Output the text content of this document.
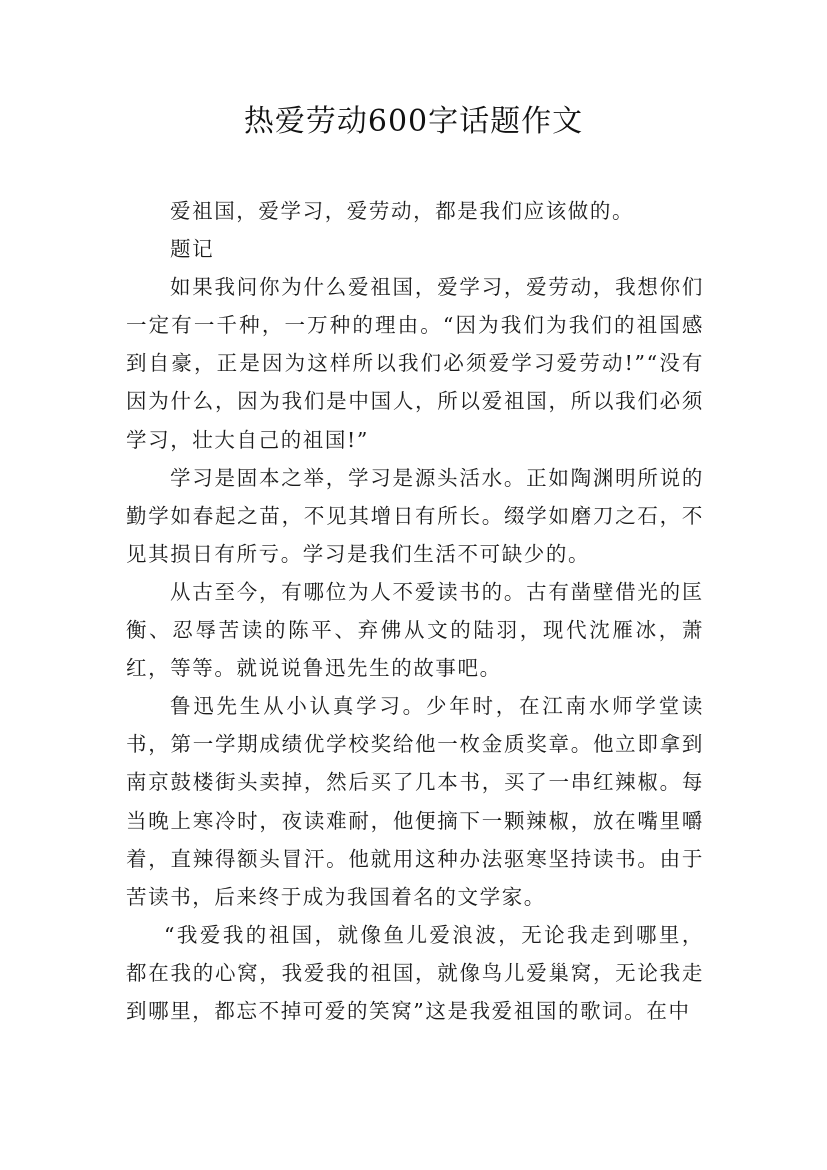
热爱劳动600字话题作文

爱祖国，爱学习，爱劳动，都是我们应该做的。

题记

如果我问你为什么爱祖国，爱学习，爱劳动，我想你们一定有一千种，一万种的理由。“因为我们为我们的祖国感到自豪，正是因为这样所以我们必须爱学习爱劳动!”“没有因为什么，因为我们是中国人，所以爱祖国，所以我们必须学习，壮大自己的祖国!”

学习是固本之举，学习是源头活水。正如陶渊明所说的勤学如春起之苗，不见其增日有所长。缀学如磨刀之石，不见其损日有所亏。学习是我们生活不可缺少的。

从古至今，有哪位为人不爱读书的。古有凿壁借光的匡衡、忍辱苦读的陈平、弃佛从文的陆羽，现代沈雁冰，萧红，等等。就说说鲁迅先生的故事吧。

鲁迅先生从小认真学习。少年时，在江南水师学堂读书，第一学期成绩优学校奖给他一枚金质奖章。他立即拿到南京鼓楼街头卖掉，然后买了几本书，买了一串红辣椒。每当晚上寒冷时，夜读难耐，他便摘下一颗辣椒，放在嘴里嚼着，直辣得额头冒汗。他就用这种办法驱寒坚持读书。由于苦读书，后来终于成为我国着名的文学家。

“我爱我的祖国，就像鱼儿爱浪波，无论我走到哪里，都在我的心窝，我爱我的祖国，就像鸟儿爱巢窝，无论我走到哪里，都忘不掉可爱的笑窝”这是我爱祖国的歌词。在中
